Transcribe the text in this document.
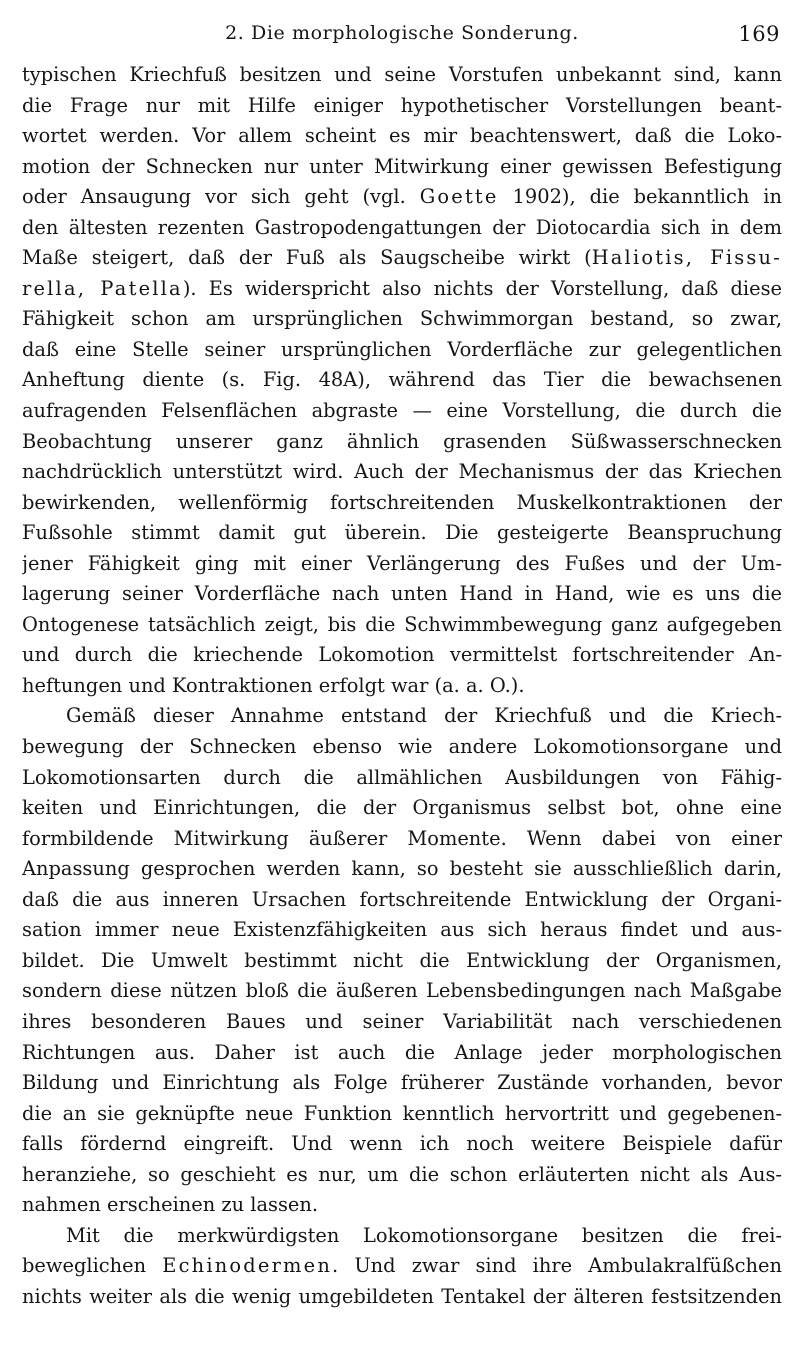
2. Die morphologische Sonderung.	169

typischen Kriechfuß besitzen und seine Vorstufen unbekannt sind, kann
die Frage nur mit Hilfe einiger hypothetischer Vorstellungen beant-
wortet werden. Vor allem scheint es mir beachtenswert, daß die Loko-
motion der Schnecken nur unter Mitwirkung einer gewissen Befestigung
oder Ansaugung vor sich geht (vgl. Goette 1902), die bekanntlich in
den ältesten rezenten Gastropodengattungen der Diotocardia sich in dem
Maße steigert, daß der Fuß als Saugscheibe wirkt (Haliotis, Fissu-
rella, Patella). Es widerspricht also nichts der Vorstellung, daß diese
Fähigkeit schon am ursprünglichen Schwimmorgan bestand, so zwar,
daß eine Stelle seiner ursprünglichen Vorderfläche zur gelegentlichen
Anheftung diente (s. Fig. 48A), während das Tier die bewachsenen
aufragenden Felsenflächen abgraste — eine Vorstellung, die durch die
Beobachtung unserer ganz ähnlich grasenden Süßwasserschnecken
nachdrücklich unterstützt wird. Auch der Mechanismus der das Kriechen
bewirkenden, wellenförmig fortschreitenden Muskelkontraktionen der
Fußsohle stimmt damit gut überein. Die gesteigerte Beanspruchung
jener Fähigkeit ging mit einer Verlängerung des Fußes und der Um-
lagerung seiner Vorderfläche nach unten Hand in Hand, wie es uns die
Ontogenese tatsächlich zeigt, bis die Schwimmbewegung ganz aufgegeben
und durch die kriechende Lokomotion vermittelst fortschreitender An-
heftungen und Kontraktionen erfolgt war (a. a. O.).

Gemäß dieser Annahme entstand der Kriechfuß und die Kriech-
bewegung der Schnecken ebenso wie andere Lokomotionsorgane und
Lokomotionsarten durch die allmählichen Ausbildungen von Fähig-
keiten und Einrichtungen, die der Organismus selbst bot, ohne eine
formbildende Mitwirkung äußerer Momente. Wenn dabei von einer
Anpassung gesprochen werden kann, so besteht sie ausschließlich darin,
daß die aus inneren Ursachen fortschreitende Entwicklung der Organi-
sation immer neue Existenzfähigkeiten aus sich heraus findet und aus-
bildet. Die Umwelt bestimmt nicht die Entwicklung der Organismen,
sondern diese nützen bloß die äußeren Lebensbedingungen nach Maßgabe
ihres besonderen Baues und seiner Variabilität nach verschiedenen
Richtungen aus. Daher ist auch die Anlage jeder morphologischen
Bildung und Einrichtung als Folge früherer Zustände vorhanden, bevor
die an sie geknüpfte neue Funktion kenntlich hervortritt und gegebenen-
falls fördernd eingreift. Und wenn ich noch weitere Beispiele dafür
heranziehe, so geschieht es nur, um die schon erläuterten nicht als Aus-
nahmen erscheinen zu lassen.

Mit die merkwürdigsten Lokomotionsorgane besitzen die frei-
beweglichen Echinodermen. Und zwar sind ihre Ambulakralfüßchen
nichts weiter als die wenig umgebildeten Tentakel der älteren festsitzenden
